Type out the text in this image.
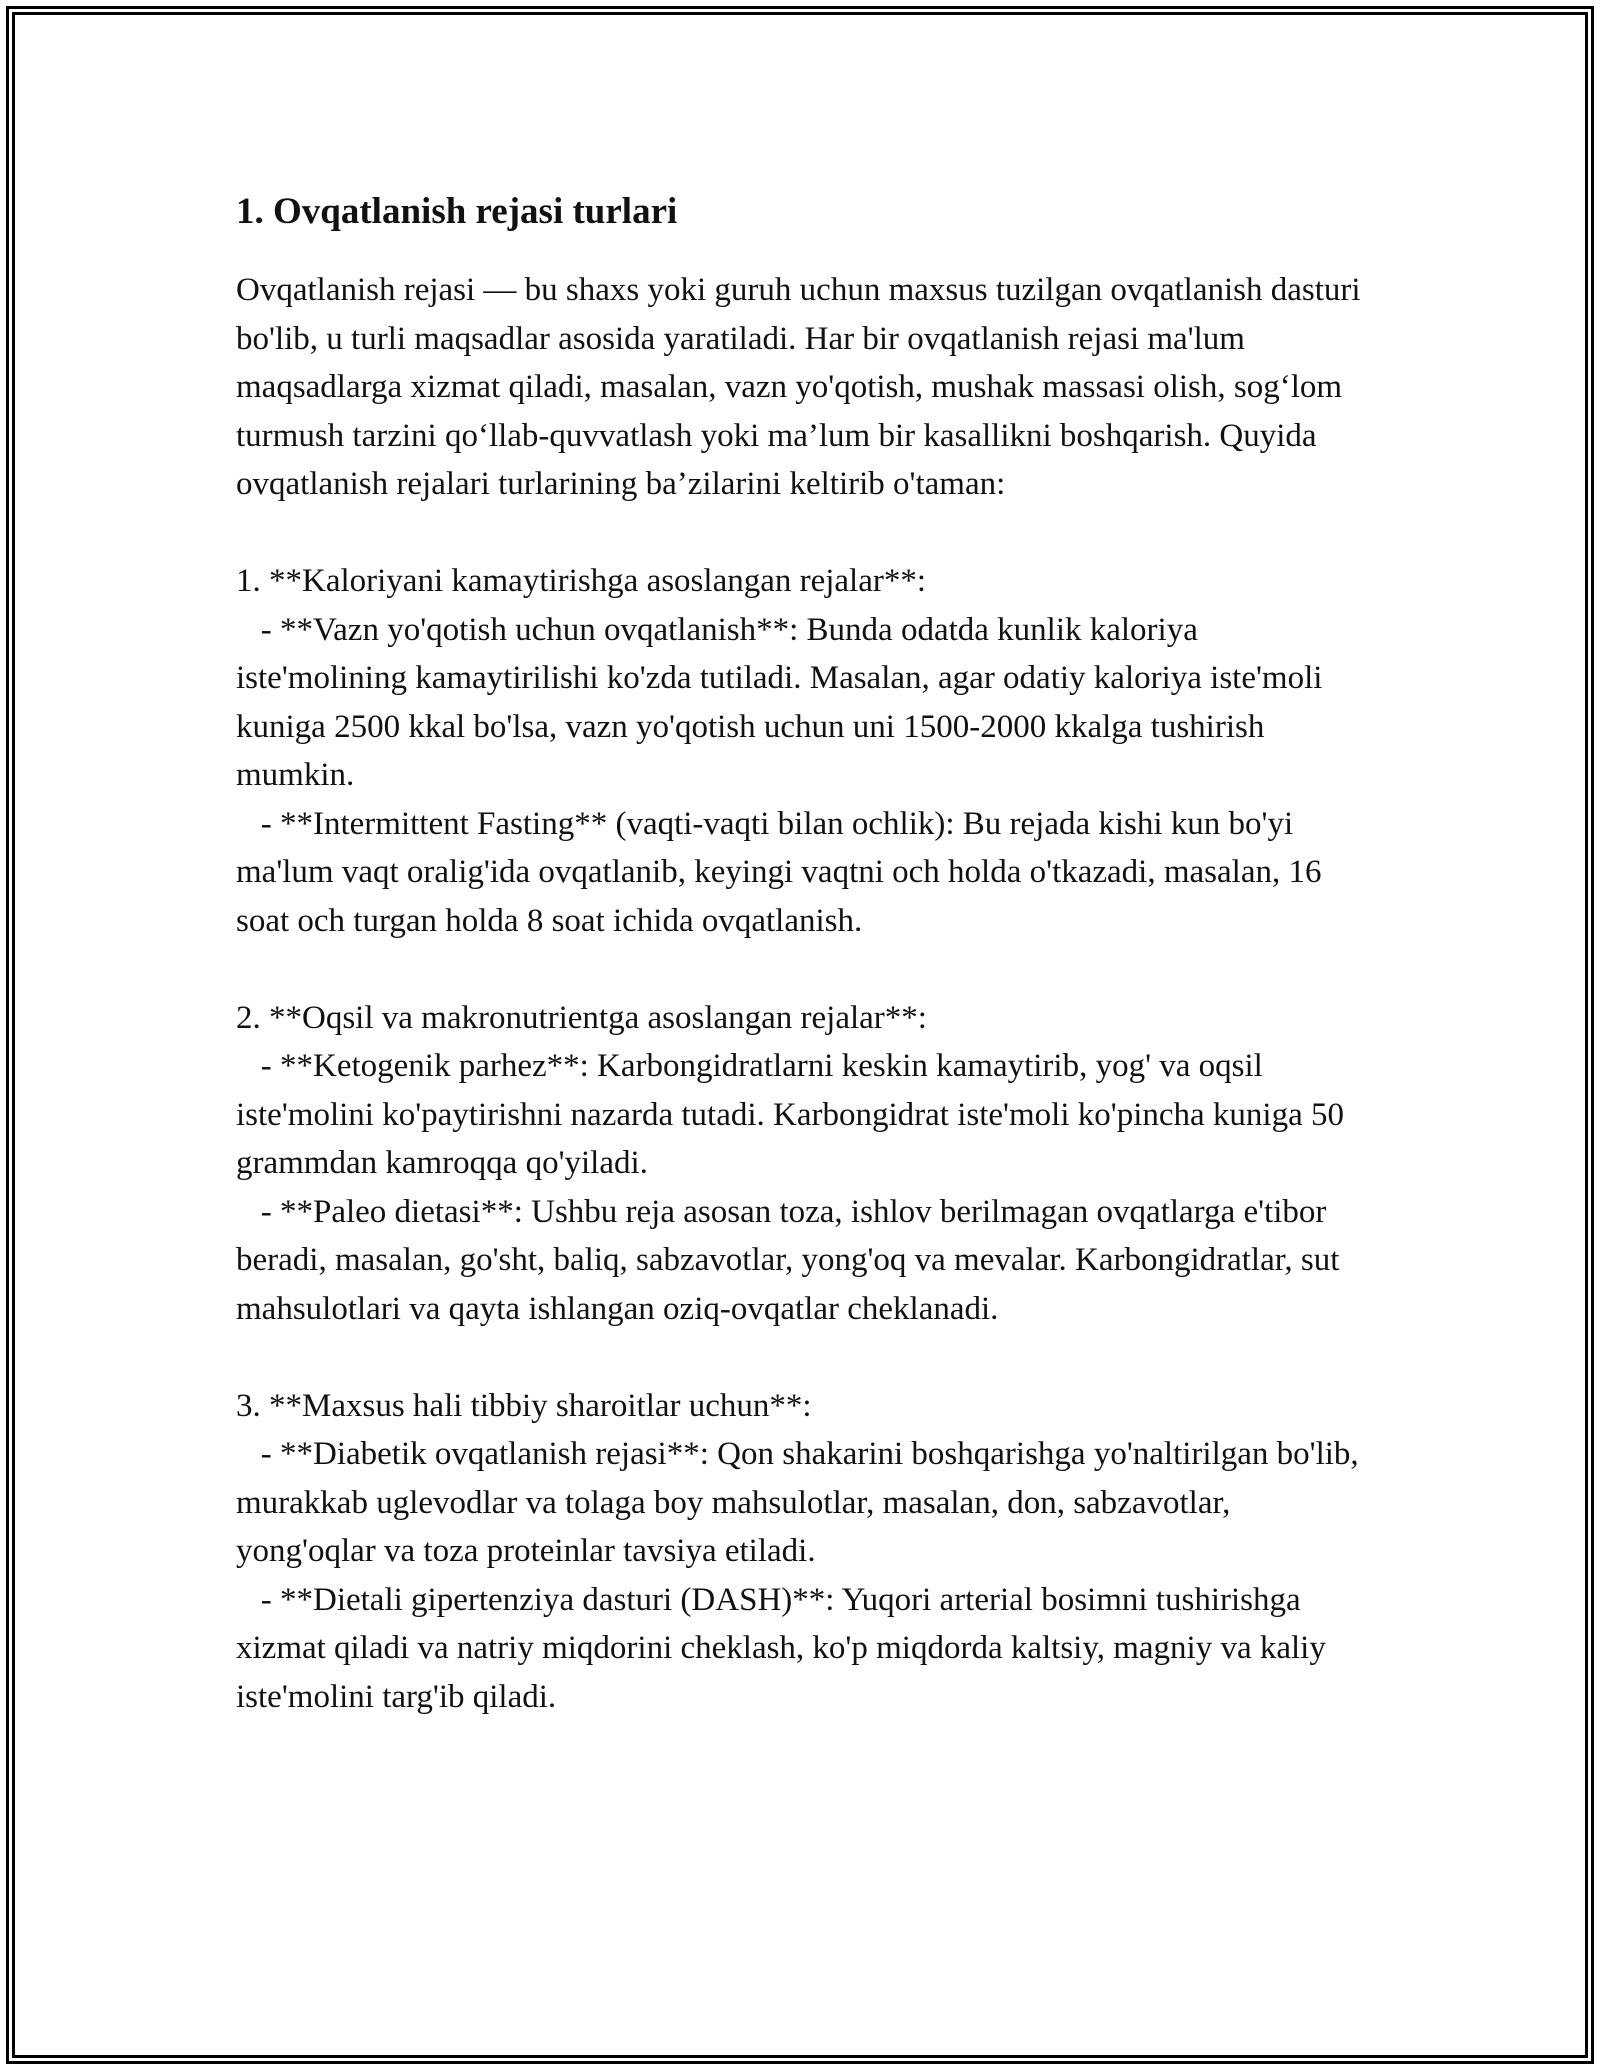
1. Ovqatlanish rejasi turlari

Ovqatlanish rejasi — bu shaxs yoki guruh uchun maxsus tuzilgan ovqatlanish dasturi bo'lib, u turli maqsadlar asosida yaratiladi. Har bir ovqatlanish rejasi ma'lum maqsadlarga xizmat qiladi, masalan, vazn yo'qotish, mushak massasi olish, sog‘lom turmush tarzini qo‘llab-quvvatlash yoki ma’lum bir kasallikni boshqarish. Quyida ovqatlanish rejalari turlarining ba’zilarini keltirib o'taman:

1. **Kaloriyani kamaytirishga asoslangan rejalar**:

- **Vazn yo'qotish uchun ovqatlanish**: Bunda odatda kunlik kaloriya iste'molining kamaytirilishi ko'zda tutiladi. Masalan, agar odatiy kaloriya iste'moli kuniga 2500 kkal bo'lsa, vazn yo'qotish uchun uni 1500-2000 kkalga tushirish mumkin.

- **Intermittent Fasting** (vaqti-vaqti bilan ochlik): Bu rejada kishi kun bo'yi ma'lum vaqt oralig'ida ovqatlanib, keyingi vaqtni och holda o'tkazadi, masalan, 16 soat och turgan holda 8 soat ichida ovqatlanish.

2. **Oqsil va makronutrientga asoslangan rejalar**:

- **Ketogenik parhez**: Karbongidratlarni keskin kamaytirib, yog' va oqsil iste'molini ko'paytirishni nazarda tutadi. Karbongidrat iste'moli ko'pincha kuniga 50 grammdan kamroqqa qo'yiladi.

- **Paleo dietasi**: Ushbu reja asosan toza, ishlov berilmagan ovqatlarga e'tibor beradi, masalan, go'sht, baliq, sabzavotlar, yong'oq va mevalar. Karbongidratlar, sut mahsulotlari va qayta ishlangan oziq-ovqatlar cheklanadi.

3. **Maxsus hali tibbiy sharoitlar uchun**:

- **Diabetik ovqatlanish rejasi**: Qon shakarini boshqarishga yo'naltirilgan bo'lib, murakkab uglevodlar va tolaga boy mahsulotlar, masalan, don, sabzavotlar, yong'oqlar va toza proteinlar tavsiya etiladi.

- **Dietali gipertenziya dasturi (DASH)**: Yuqori arterial bosimni tushirishga xizmat qiladi va natriy miqdorini cheklash, ko'p miqdorda kaltsiy, magniy va kaliy iste'molini targ'ib qiladi.
